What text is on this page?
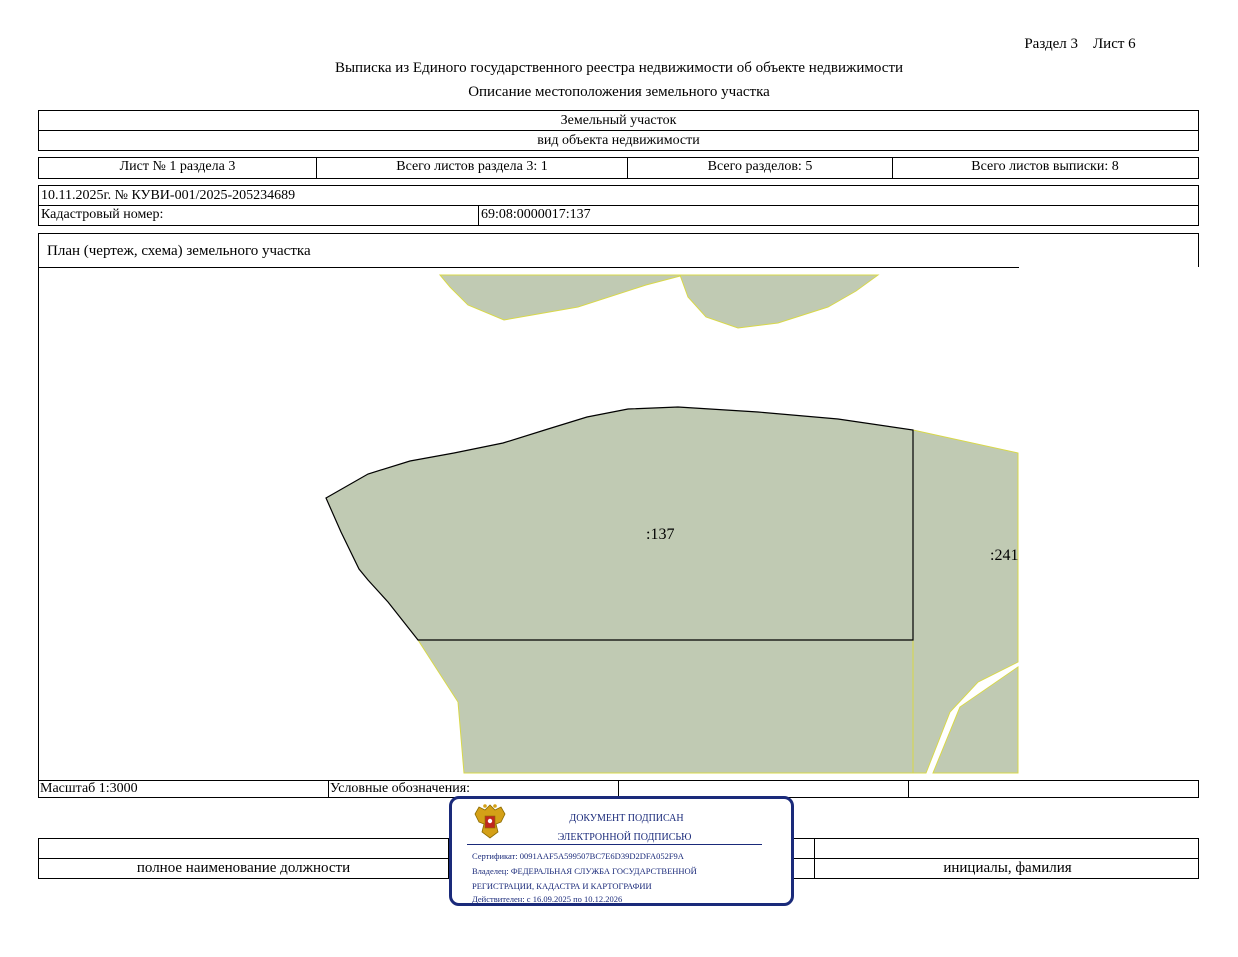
Раздел 3    Лист 6
Выписка из Единого государственного реестра недвижимости об объекте недвижимости
Описание местоположения земельного участка
Земельный участок
вид объекта недвижимости
Лист № 1 раздела 3	Всего листов раздела 3: 1	Всего разделов: 5	Всего листов выписки: 8
10.11.2025г. № КУВИ-001/2025-205234689
Кадастровый номер:	69:08:0000017:137
План (чертеж, схема) земельного участка
:137
:241
Масштаб 1:3000	Условные обозначения:
полное наименование должности	инициалы, фамилия
ДОКУМЕНТ ПОДПИСАН
ЭЛЕКТРОННОЙ ПОДПИСЬЮ
Сертификат: 0091AAF5A599507BC7E6D39D2DFA052F9A
Владелец: ФЕДЕРАЛЬНАЯ СЛУЖБА ГОСУДАРСТВЕННОЙ
РЕГИСТРАЦИИ, КАДАСТРА И КАРТОГРАФИИ
Действителен: с 16.09.2025 по 10.12.2026
